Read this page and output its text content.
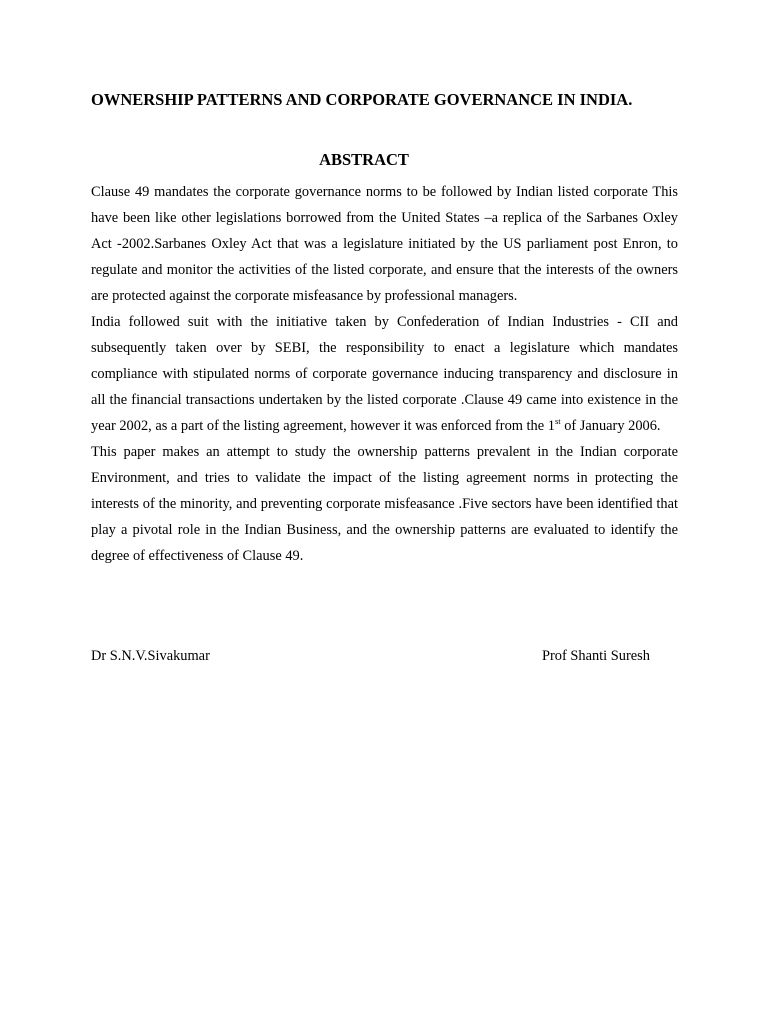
OWNERSHIP PATTERNS AND CORPORATE GOVERNANCE IN INDIA.
ABSTRACT

Clause 49 mandates the corporate governance norms to be followed by Indian listed corporate This have been like other legislations borrowed from the United States –a replica of the Sarbanes Oxley Act -2002.Sarbanes Oxley Act that was a legislature initiated by the US parliament post Enron, to regulate and monitor the activities of the listed corporate, and ensure that the interests of the owners are protected against the corporate misfeasance by professional managers.

India followed suit with the initiative taken by Confederation of Indian Industries - CII and subsequently taken over by SEBI, the responsibility to enact a legislature which mandates compliance with stipulated norms of corporate governance inducing transparency and disclosure in all the financial transactions undertaken by the listed corporate .Clause 49 came into existence in the year 2002, as a part of the listing agreement, however it was enforced from the 1st of January 2006.

This paper makes an attempt to study the ownership patterns prevalent in the Indian corporate Environment, and tries to validate the impact of the listing agreement norms in protecting the interests of the minority, and preventing corporate misfeasance .Five sectors have been identified that play a pivotal role in the Indian Business, and the ownership patterns are evaluated to identify the degree of effectiveness of Clause 49.

Dr S.N.V.Sivakumar	Prof Shanti Suresh
